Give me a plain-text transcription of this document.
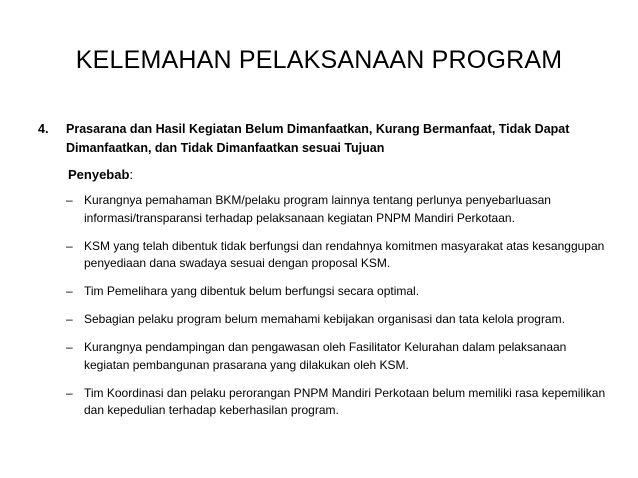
KELEMAHAN PELAKSANAAN PROGRAM
4.	Prasarana dan Hasil Kegiatan Belum Dimanfaatkan, Kurang Bermanfaat, Tidak Dapat Dimanfaatkan, dan Tidak Dimanfaatkan sesuai Tujuan
Penyebab:
– Kurangnya pemahaman BKM/pelaku program lainnya tentang perlunya penyebarluasan informasi/transparansi terhadap pelaksanaan kegiatan PNPM Mandiri Perkotaan.
– KSM yang telah dibentuk tidak berfungsi dan rendahnya komitmen masyarakat atas kesanggupan penyediaan dana swadaya sesuai dengan proposal KSM.
– Tim Pemelihara yang dibentuk belum berfungsi secara optimal.
– Sebagian pelaku program belum memahami kebijakan organisasi dan tata kelola program.
– Kurangnya pendampingan dan pengawasan oleh Fasilitator Kelurahan dalam pelaksanaan kegiatan pembangunan prasarana yang dilakukan oleh KSM.
– Tim Koordinasi dan pelaku perorangan PNPM Mandiri Perkotaan belum memiliki rasa kepemilikan dan kepedulian terhadap keberhasilan program.
